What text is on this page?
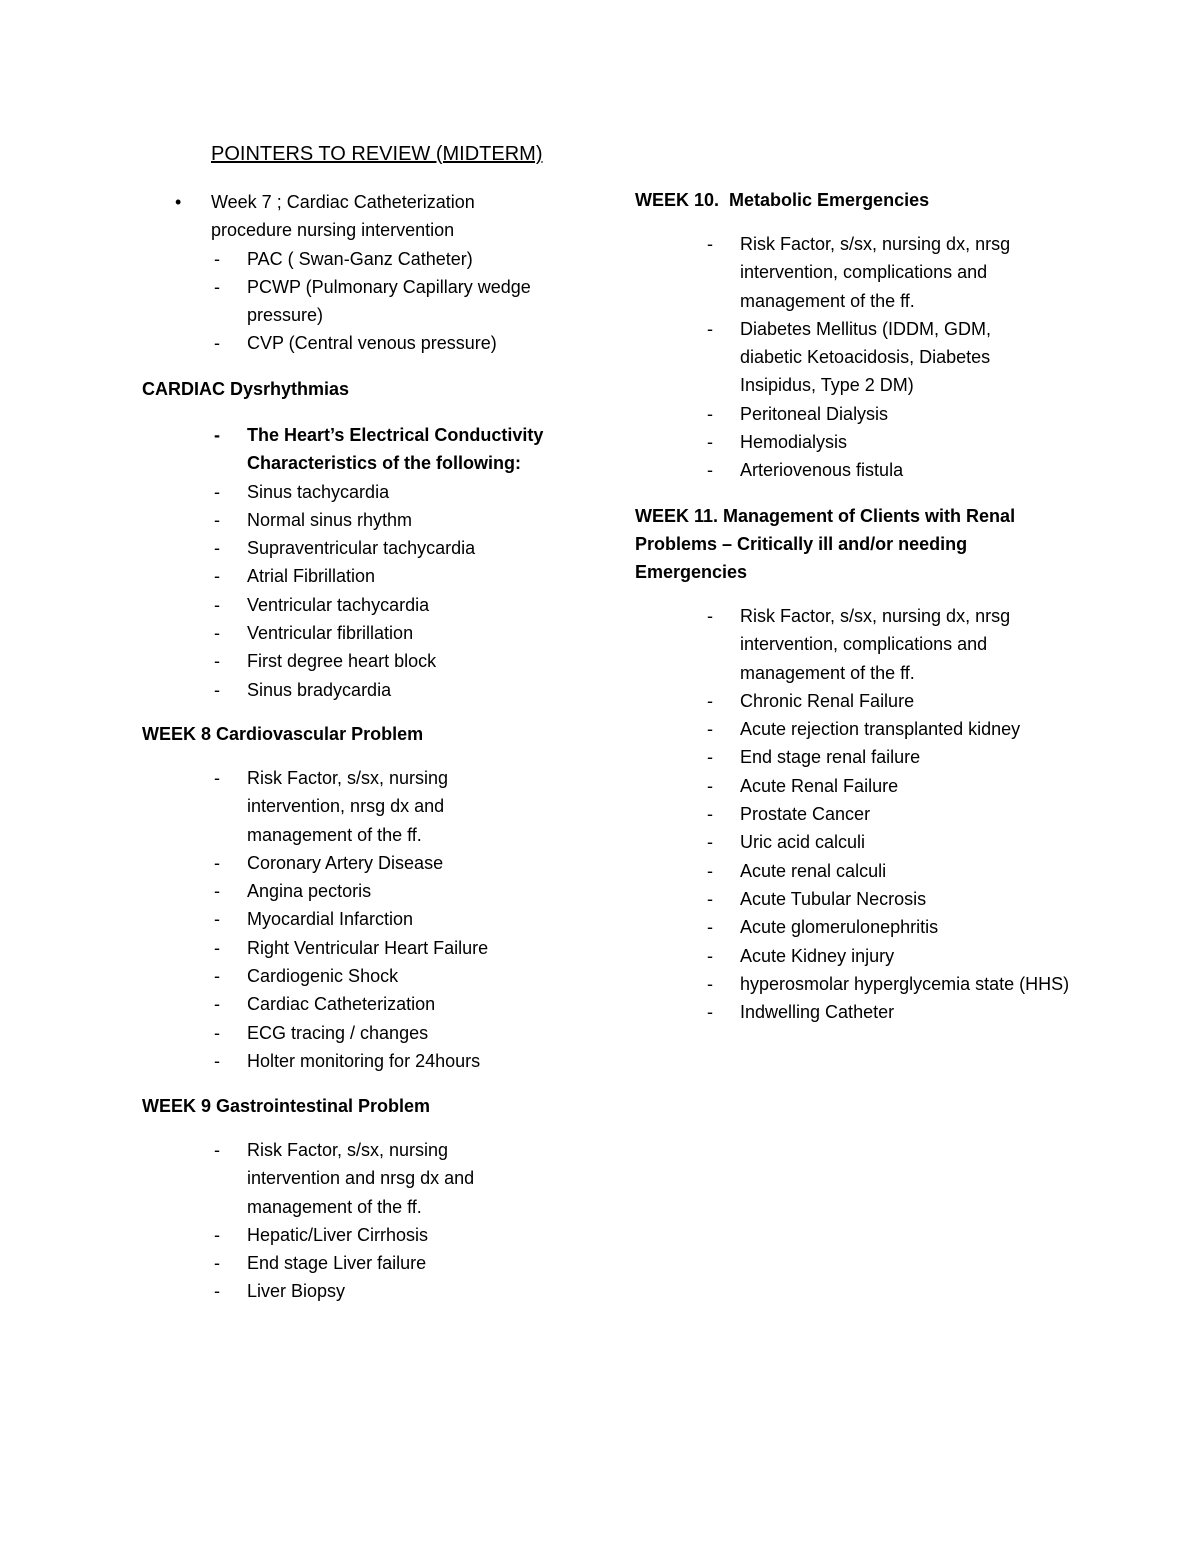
POINTERS TO REVIEW (MIDTERM)
• Week 7 ; Cardiac Catheterization procedure nursing intervention
- PAC ( Swan-Ganz Catheter)
- PCWP (Pulmonary Capillary wedge pressure)
- CVP (Central venous pressure)
CARDIAC Dysrhythmias
- The Heart’s Electrical Conductivity Characteristics of the following:
- Sinus tachycardia
- Normal sinus rhythm
- Supraventricular tachycardia
- Atrial Fibrillation
- Ventricular tachycardia
- Ventricular fibrillation
- First degree heart block
- Sinus bradycardia
WEEK 8 Cardiovascular Problem
- Risk Factor, s/sx, nursing intervention, nrsg dx and management of the ff.
- Coronary Artery Disease
- Angina pectoris
- Myocardial Infarction
- Right Ventricular Heart Failure
- Cardiogenic Shock
- Cardiac Catheterization
- ECG tracing / changes
- Holter monitoring for 24hours
WEEK 9 Gastrointestinal Problem
- Risk Factor, s/sx, nursing intervention and nrsg dx and management of the ff.
- Hepatic/Liver Cirrhosis
- End stage Liver failure
- Liver Biopsy
WEEK 10.  Metabolic Emergencies
- Risk Factor, s/sx, nursing dx, nrsg intervention, complications and management of the ff.
- Diabetes Mellitus (IDDM, GDM, diabetic Ketoacidosis, Diabetes Insipidus, Type 2 DM)
- Peritoneal Dialysis
- Hemodialysis
- Arteriovenous fistula
WEEK 11. Management of Clients with Renal Problems – Critically ill and/or needing Emergencies
- Risk Factor, s/sx, nursing dx, nrsg intervention, complications and management of the ff.
- Chronic Renal Failure
- Acute rejection transplanted kidney
- End stage renal failure
- Acute Renal Failure
- Prostate Cancer
- Uric acid calculi
- Acute renal calculi
- Acute Tubular Necrosis
- Acute glomerulonephritis
- Acute Kidney injury
- hyperosmolar hyperglycemia state (HHS)
- Indwelling Catheter
